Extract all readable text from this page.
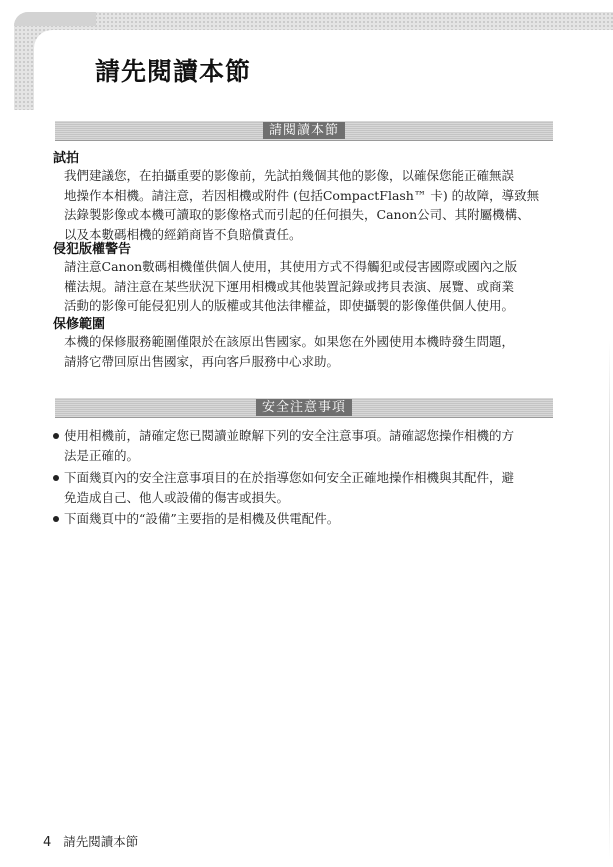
請先閱讀本節
請閱讀本節
試拍

我們建議您，在拍攝重要的影像前，先試拍幾個其他的影像，以確保您能正確無誤
地操作本相機。請注意，若因相機或附件 (包括CompactFlash™ 卡) 的故障，導致無
法錄製影像或本機可讀取的影像格式而引起的任何損失，Canon公司、其附屬機構、
以及本數碼相機的經銷商皆不負賠償責任。

侵犯版權警告

請注意Canon數碼相機僅供個人使用，其使用方式不得觸犯或侵害國際或國內之版
權法規。請注意在某些狀況下運用相機或其他裝置記錄或拷貝表演、展覽、或商業
活動的影像可能侵犯別人的版權或其他法律權益，即使攝製的影像僅供個人使用。

保修範圍

本機的保修服務範圍僅限於在該原出售國家。如果您在外國使用本機時發生問題，
請將它帶回原出售國家，再向客戶服務中心求助。

安全注意事項
使用相機前，請確定您已閱讀並瞭解下列的安全注意事項。請確認您操作相機的方
法是正確的。
下面幾頁內的安全注意事項目的在於指導您如何安全正確地操作相機與其配件，避
免造成自己、他人或設備的傷害或損失。
下面幾頁中的“設備”主要指的是相機及供電配件。
4 請先閱讀本節
